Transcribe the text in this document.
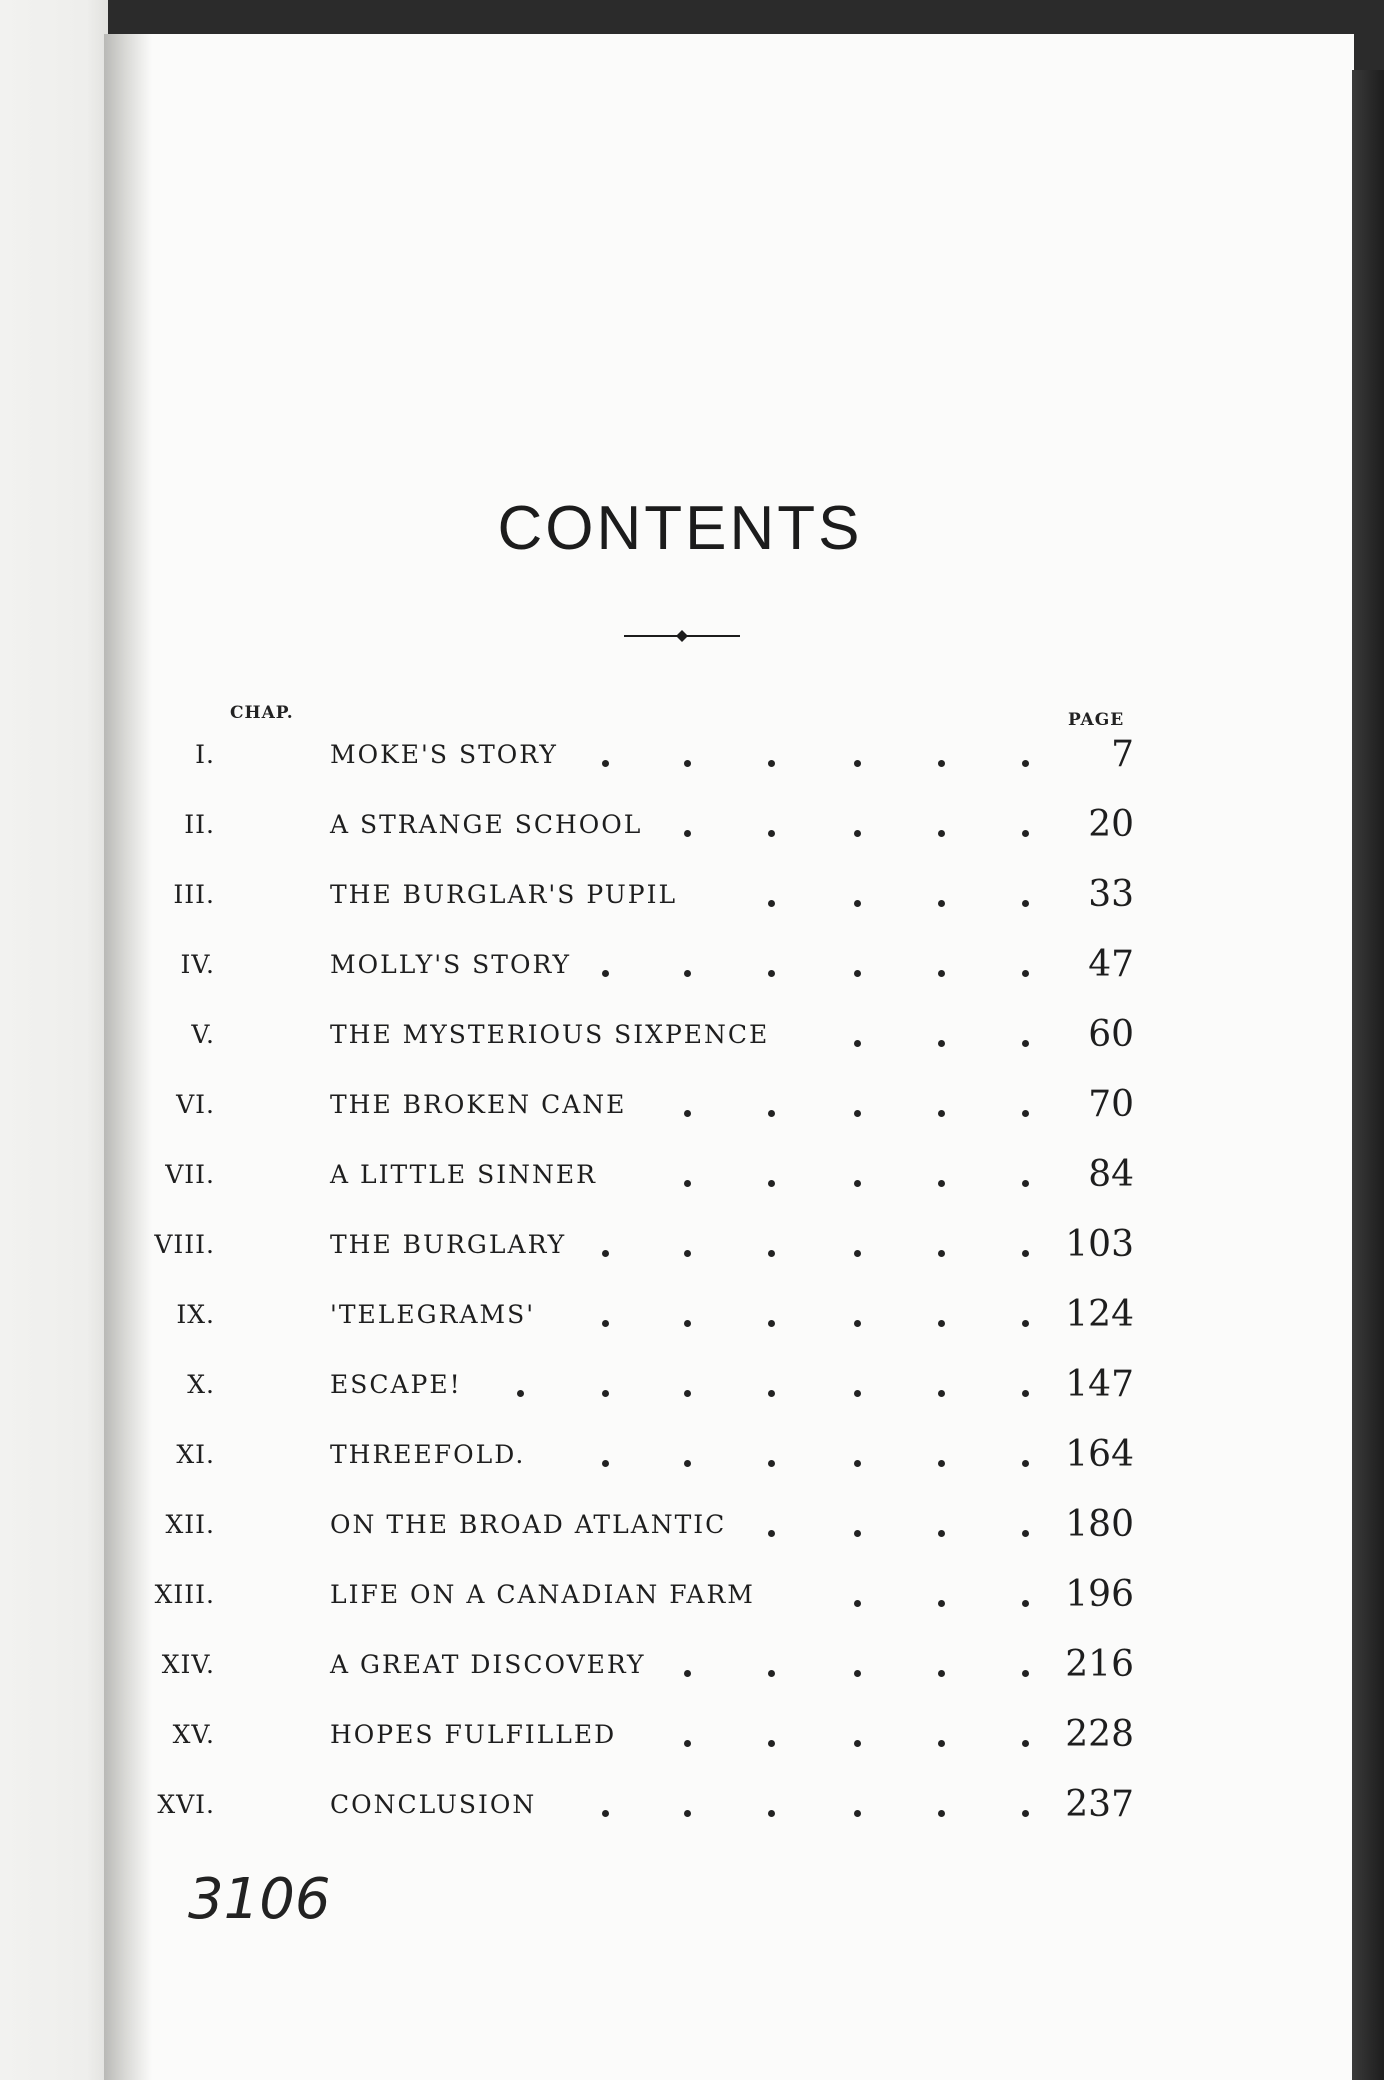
CONTENTS
CHAP.	PAGE
I.	MOKE'S STORY	7
II.	A STRANGE SCHOOL	20
III.	THE BURGLAR'S PUPIL	33
IV.	MOLLY'S STORY	47
V.	THE MYSTERIOUS SIXPENCE	60
VI.	THE BROKEN CANE	70
VII.	A LITTLE SINNER	84
VIII.	THE BURGLARY	103
IX.	'TELEGRAMS'	124
X.	ESCAPE!	147
XI.	THREEFOLD.	164
XII.	ON THE BROAD ATLANTIC	180
XIII.	LIFE ON A CANADIAN FARM	196
XIV.	A GREAT DISCOVERY	216
XV.	HOPES FULFILLED	228
XVI.	CONCLUSION	237
3106
